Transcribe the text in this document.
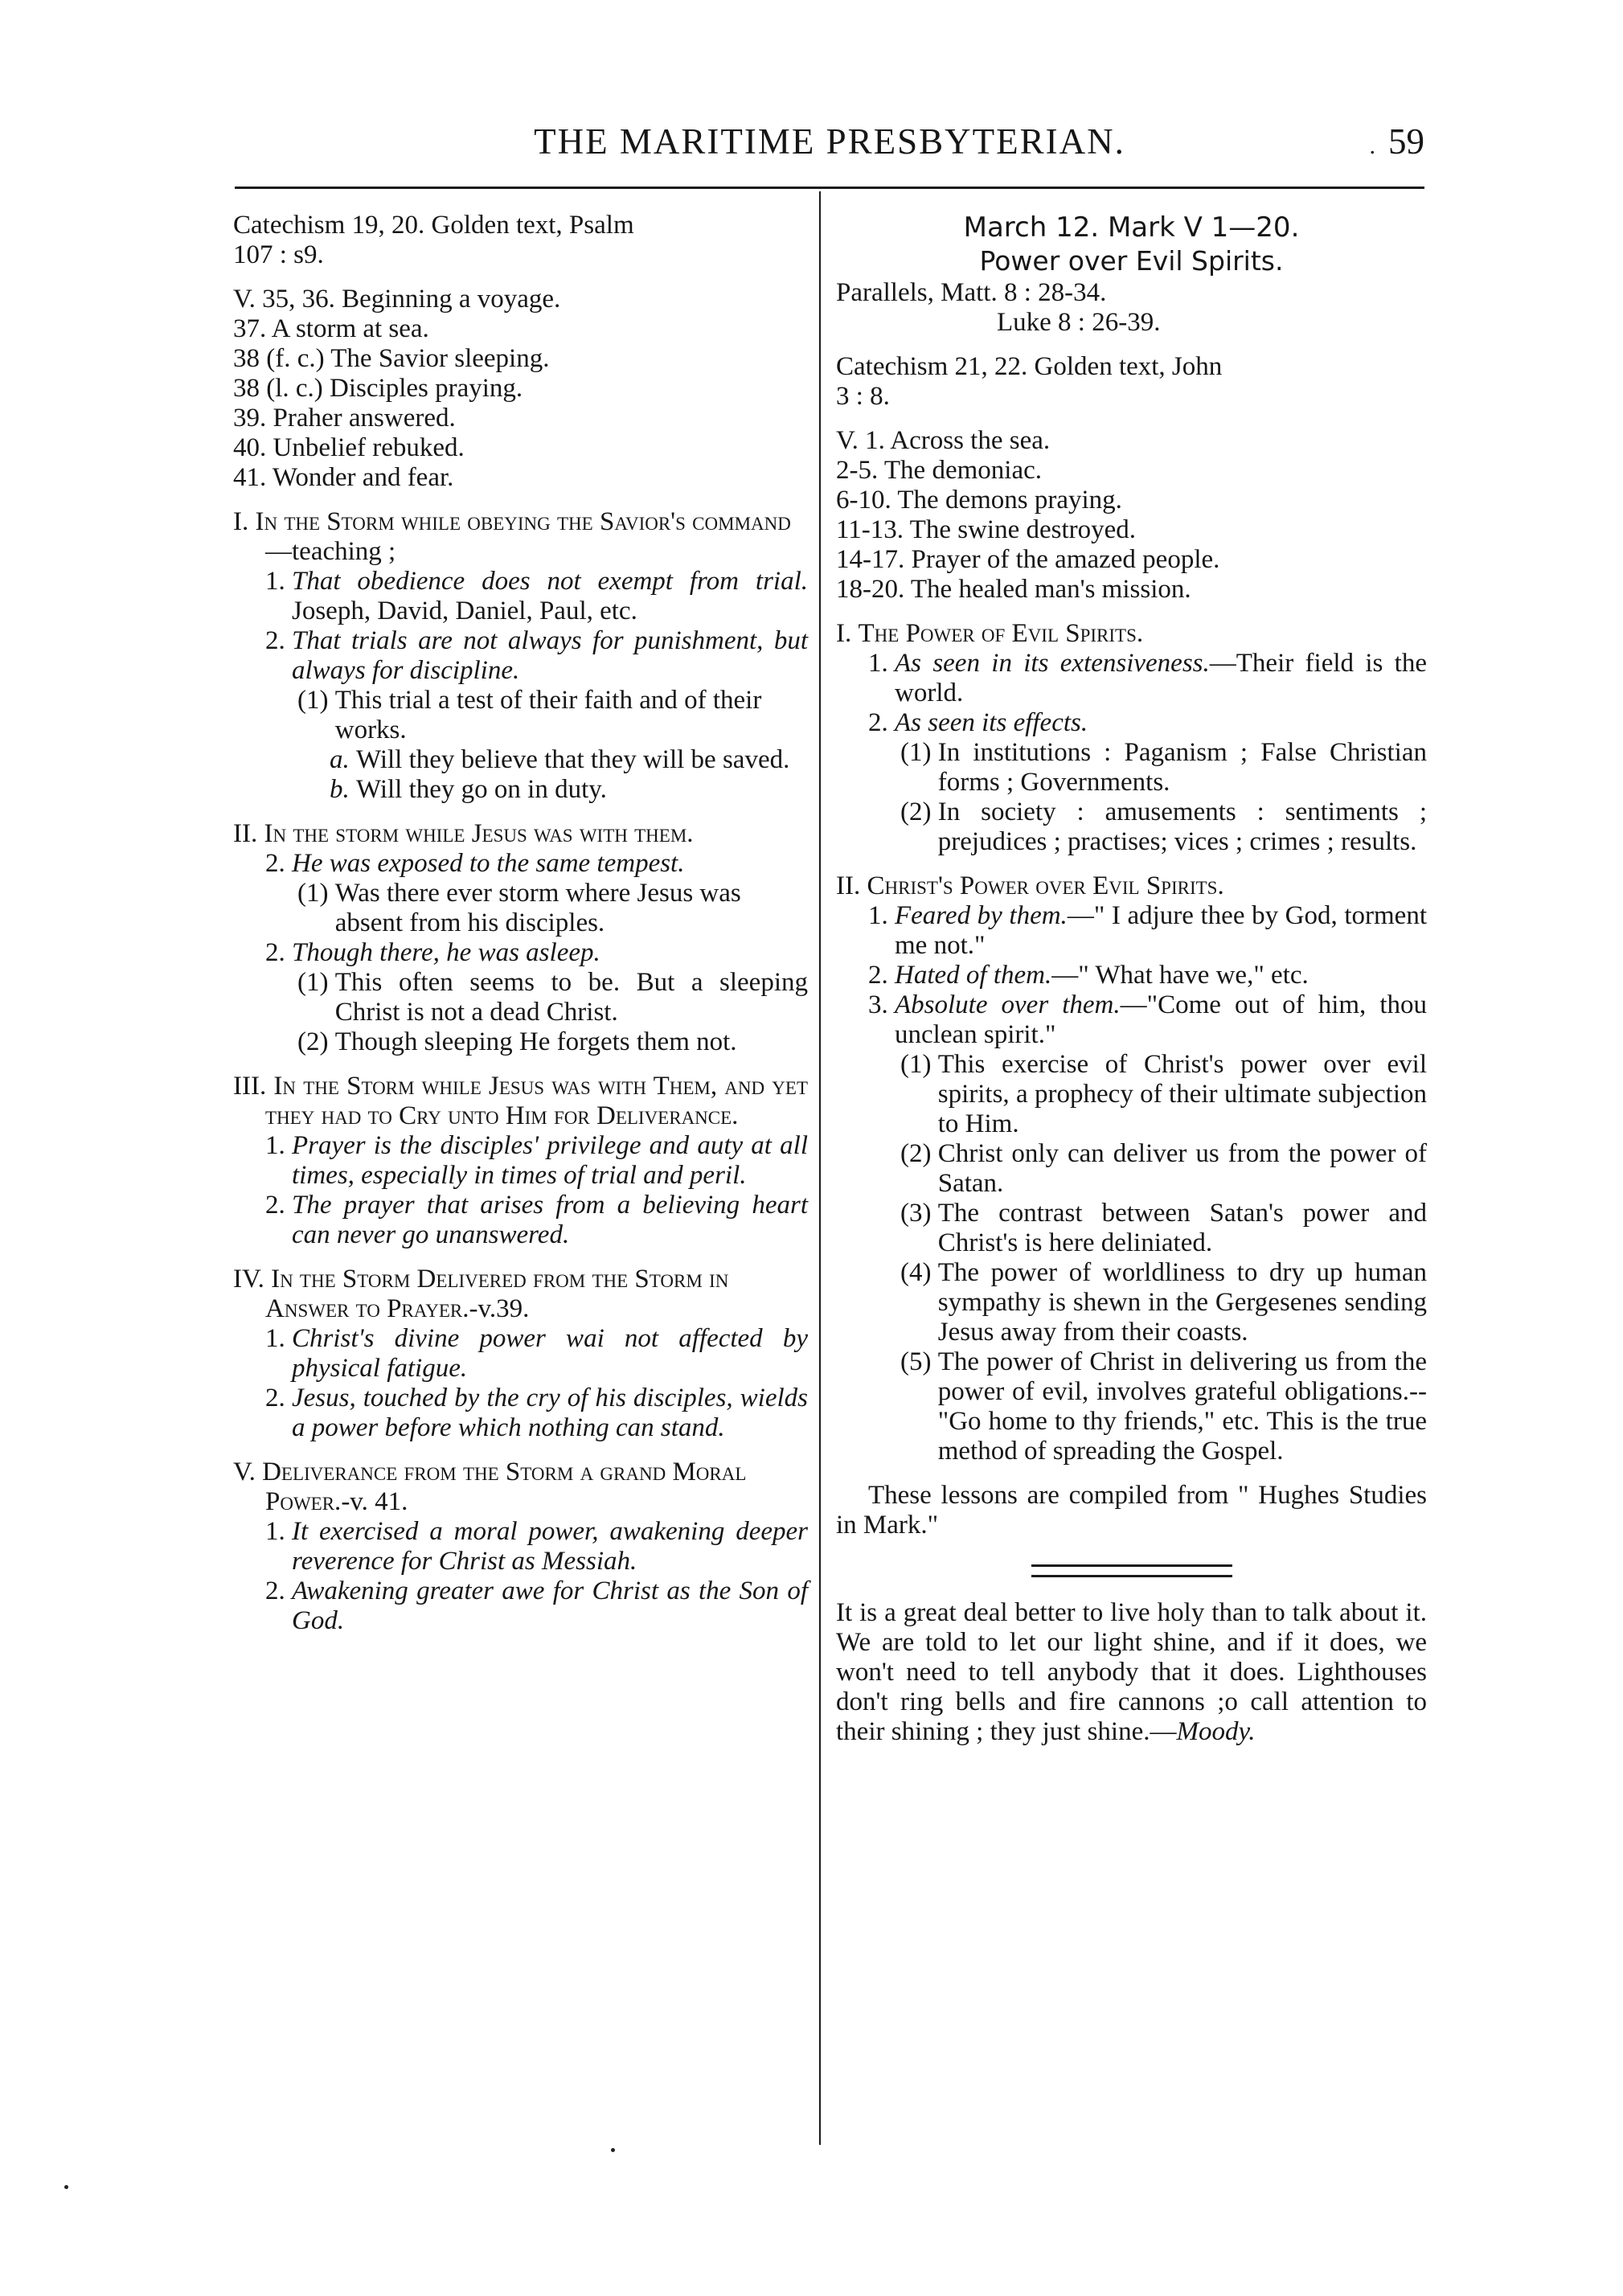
THE MARITIME PRESBYTERIAN.	. 59

Catechism 19, 20. Golden text, Psalm

107 : s9.

V. 35, 36. Beginning a voyage.

37. A storm at sea.

38 (f. c.) The Savior sleeping.

38 (l. c.) Disciples praying.

39. Praher answered.

40. Unbelief rebuked.

41. Wonder and fear.

I. In the Storm while obeying the Savior's command—teaching ;

1. That obedience does not exempt from trial. Joseph, David, Daniel, Paul, etc.
2. That trials are not always for punishment, but always for discipline.
(1) This trial a test of their faith and of their works.
a. Will they believe that they will be saved.
b. Will they go on in duty.

II. In the storm while Jesus was with them.

2. He was exposed to the same tempest.
(1) Was there ever storm where Jesus was absent from his disciples.
2. Though there, he was asleep.
(1) This often seems to be. But a sleeping Christ is not a dead Christ.
(2) Though sleeping He forgets them not.

III. In the Storm while Jesus was with Them, and yet they had to Cry unto Him for Deliverance.

1. Prayer is the disciples' privilege and auty at all times, especially in times of trial and peril.
2. The prayer that arises from a believing heart can never go unanswered.

IV. In the Storm Delivered from the Storm in Answer to Prayer.-v.39.

1. Christ's divine power wai not affected by physical fatigue.
2. Jesus, touched by the cry of his disciples, wields a power before which nothing can stand.

V. Deliverance from the Storm a grand Moral Power.-v. 41.

1. It exercised a moral power, awakening deeper reverence for Christ as Messiah.
2. Awakening greater awe for Christ as the Son of God.

March 12. Mark V 1—20.

Power over Evil Spirits.

Parallels, Matt. 8 : 28-34.

Luke 8 : 26-39.

Catechism 21, 22. Golden text, John

3 : 8.

V. 1. Across the sea.

2-5. The demoniac.

6-10. The demons praying.

11-13. The swine destroyed.

14-17. Prayer of the amazed people.

18-20. The healed man's mission.

I. The Power of Evil Spirits.

1. As seen in its extensiveness.—Their field is the world.
2. As seen its effects.
(1) In institutions : Paganism ; False Christian forms ; Governments.
(2) In society : amusements : sentiments ; prejudices ; practises; vices ; crimes ; results.

II. Christ's Power over Evil Spirits.

1. Feared by them.—" I adjure thee by God, torment me not."
2. Hated of them.—" What have we," etc.
3. Absolute over them.—"Come out of him, thou unclean spirit."
(1) This exercise of Christ's power over evil spirits, a prophecy of their ultimate subjection to Him.
(2) Christ only can deliver us from the power of Satan.
(3) The contrast between Satan's power and Christ's is here deliniated.
(4) The power of worldliness to dry up human sympathy is shewn in the Gergesenes sending Jesus away from their coasts.
(5) The power of Christ in delivering us from the power of evil, involves grateful obligations.--"Go home to thy friends," etc. This is the true method of spreading the Gospel.

These lessons are compiled from " Hughes Studies in Mark."

It is a great deal better to live holy than to talk about it. We are told to let our light shine, and if it does, we won't need to tell anybody that it does. Lighthouses don't ring bells and fire cannons ;o call attention to their shining ; they just shine.—Moody.
